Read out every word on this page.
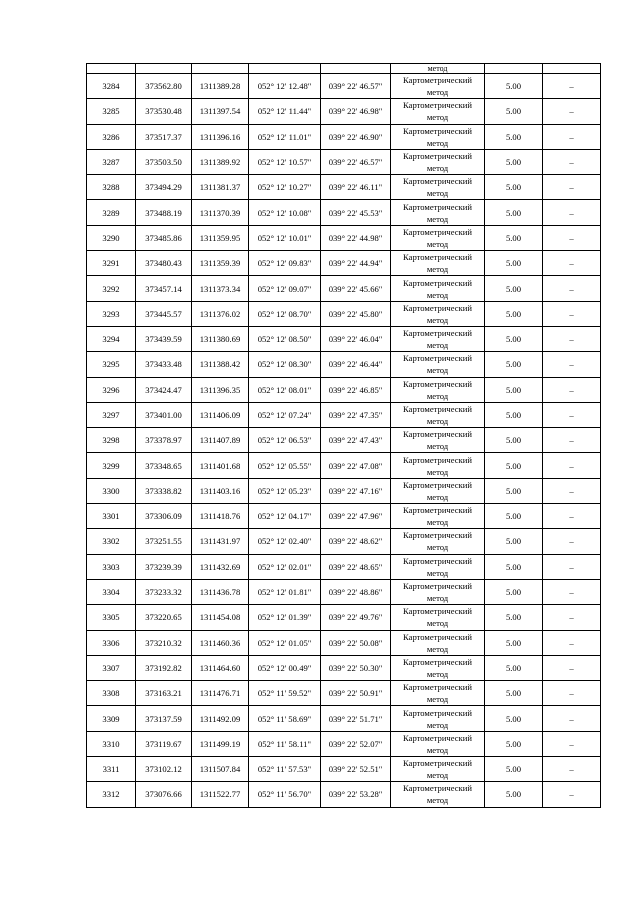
					метод		
3284	373562.80	1311389.28	052° 12' 12.48"	039° 22' 46.57"	Картометрический метод	5.00	–
3285	373530.48	1311397.54	052° 12' 11.44"	039° 22' 46.98"	Картометрический метод	5.00	–
3286	373517.37	1311396.16	052° 12' 11.01"	039° 22' 46.90"	Картометрический метод	5.00	–
3287	373503.50	1311389.92	052° 12' 10.57"	039° 22' 46.57"	Картометрический метод	5.00	–
3288	373494.29	1311381.37	052° 12' 10.27"	039° 22' 46.11"	Картометрический метод	5.00	–
3289	373488.19	1311370.39	052° 12' 10.08"	039° 22' 45.53"	Картометрический метод	5.00	–
3290	373485.86	1311359.95	052° 12' 10.01"	039° 22' 44.98"	Картометрический метод	5.00	–
3291	373480.43	1311359.39	052° 12' 09.83"	039° 22' 44.94"	Картометрический метод	5.00	–
3292	373457.14	1311373.34	052° 12' 09.07"	039° 22' 45.66"	Картометрический метод	5.00	–
3293	373445.57	1311376.02	052° 12' 08.70"	039° 22' 45.80"	Картометрический метод	5.00	–
3294	373439.59	1311380.69	052° 12' 08.50"	039° 22' 46.04"	Картометрический метод	5.00	–
3295	373433.48	1311388.42	052° 12' 08.30"	039° 22' 46.44"	Картометрический метод	5.00	–
3296	373424.47	1311396.35	052° 12' 08.01"	039° 22' 46.85"	Картометрический метод	5.00	–
3297	373401.00	1311406.09	052° 12' 07.24"	039° 22' 47.35"	Картометрический метод	5.00	–
3298	373378.97	1311407.89	052° 12' 06.53"	039° 22' 47.43"	Картометрический метод	5.00	–
3299	373348.65	1311401.68	052° 12' 05.55"	039° 22' 47.08"	Картометрический метод	5.00	–
3300	373338.82	1311403.16	052° 12' 05.23"	039° 22' 47.16"	Картометрический метод	5.00	–
3301	373306.09	1311418.76	052° 12' 04.17"	039° 22' 47.96"	Картометрический метод	5.00	–
3302	373251.55	1311431.97	052° 12' 02.40"	039° 22' 48.62"	Картометрический метод	5.00	–
3303	373239.39	1311432.69	052° 12' 02.01"	039° 22' 48.65"	Картометрический метод	5.00	–
3304	373233.32	1311436.78	052° 12' 01.81"	039° 22' 48.86"	Картометрический метод	5.00	–
3305	373220.65	1311454.08	052° 12' 01.39"	039° 22' 49.76"	Картометрический метод	5.00	–
3306	373210.32	1311460.36	052° 12' 01.05"	039° 22' 50.08"	Картометрический метод	5.00	–
3307	373192.82	1311464.60	052° 12' 00.49"	039° 22' 50.30"	Картометрический метод	5.00	–
3308	373163.21	1311476.71	052° 11' 59.52"	039° 22' 50.91"	Картометрический метод	5.00	–
3309	373137.59	1311492.09	052° 11' 58.69"	039° 22' 51.71"	Картометрический метод	5.00	–
3310	373119.67	1311499.19	052° 11' 58.11"	039° 22' 52.07"	Картометрический метод	5.00	–
3311	373102.12	1311507.84	052° 11' 57.53"	039° 22' 52.51"	Картометрический метод	5.00	–
3312	373076.66	1311522.77	052° 11' 56.70"	039° 22' 53.28"	Картометрический метод	5.00	–
